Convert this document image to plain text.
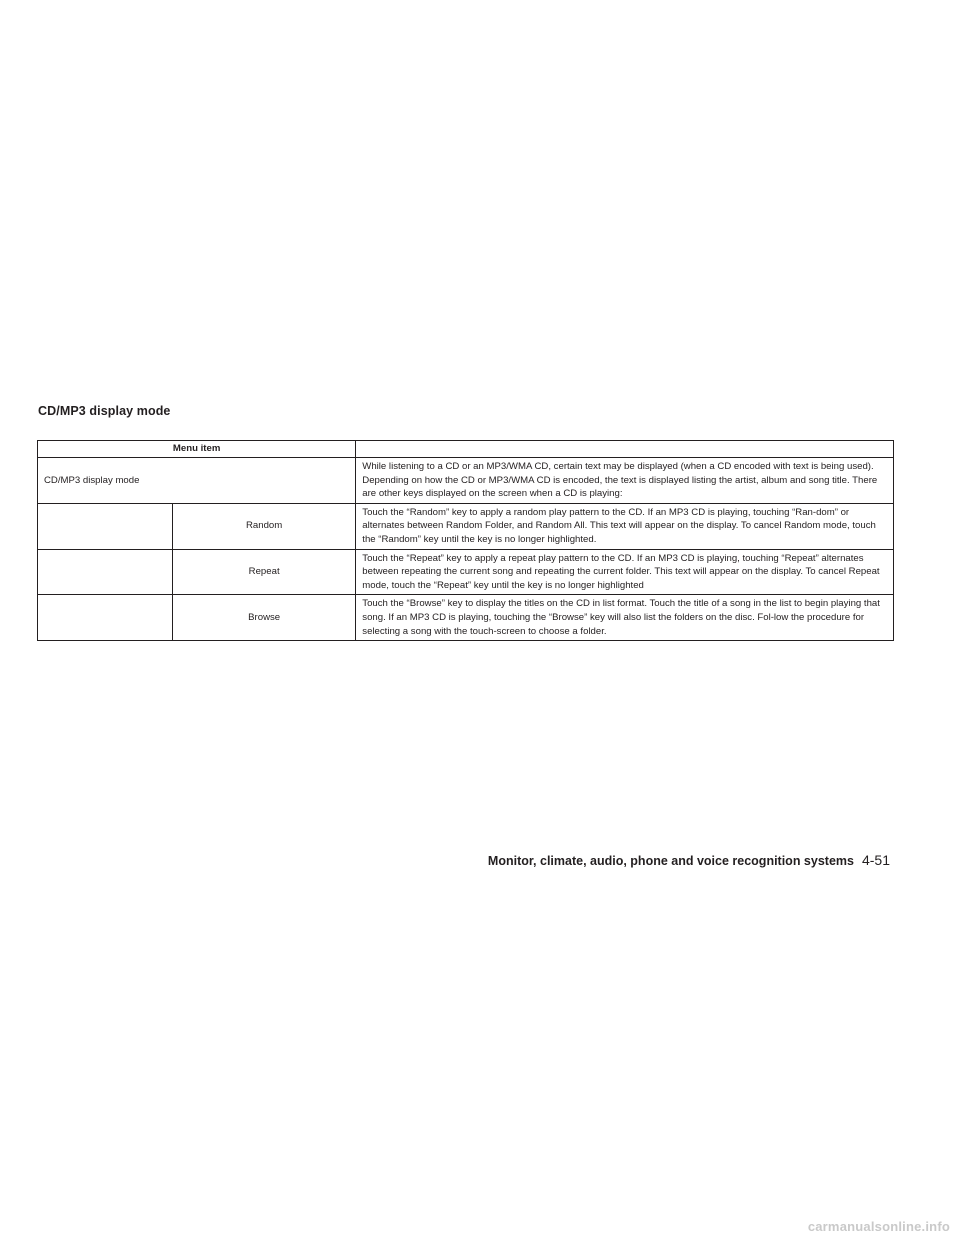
CD/MP3 display mode
Menu item	

CD/MP3 display mode	While listening to a CD or an MP3/WMA CD, certain text may be displayed (when a CD encoded with text is being used). Depending on how the CD or MP3/WMA CD is encoded, the text is displayed listing the artist, album and song title. There are other keys displayed on the screen when a CD is playing:

Random	Touch the “Random” key to apply a random play pattern to the CD. If an MP3 CD is playing, touching “Ran-dom” or alternates between Random Folder, and Random All. This text will appear on the display. To cancel Random mode, touch the “Random” key until the key is no longer highlighted.

Repeat	Touch the “Repeat” key to apply a repeat play pattern to the CD. If an MP3 CD is playing, touching “Repeat” alternates between repeating the current song and repeating the current folder. This text will appear on the display. To cancel Repeat mode, touch the “Repeat” key until the key is no longer highlighted

Browse	Touch the “Browse” key to display the titles on the CD in list format. Touch the title of a song in the list to begin playing that song. If an MP3 CD is playing, touching the “Browse” key will also list the folders on the disc. Fol-low the procedure for selecting a song with the touch-screen to choose a folder.
Monitor, climate, audio, phone and voice recognition systems 4-51
carmanualsonline.info
